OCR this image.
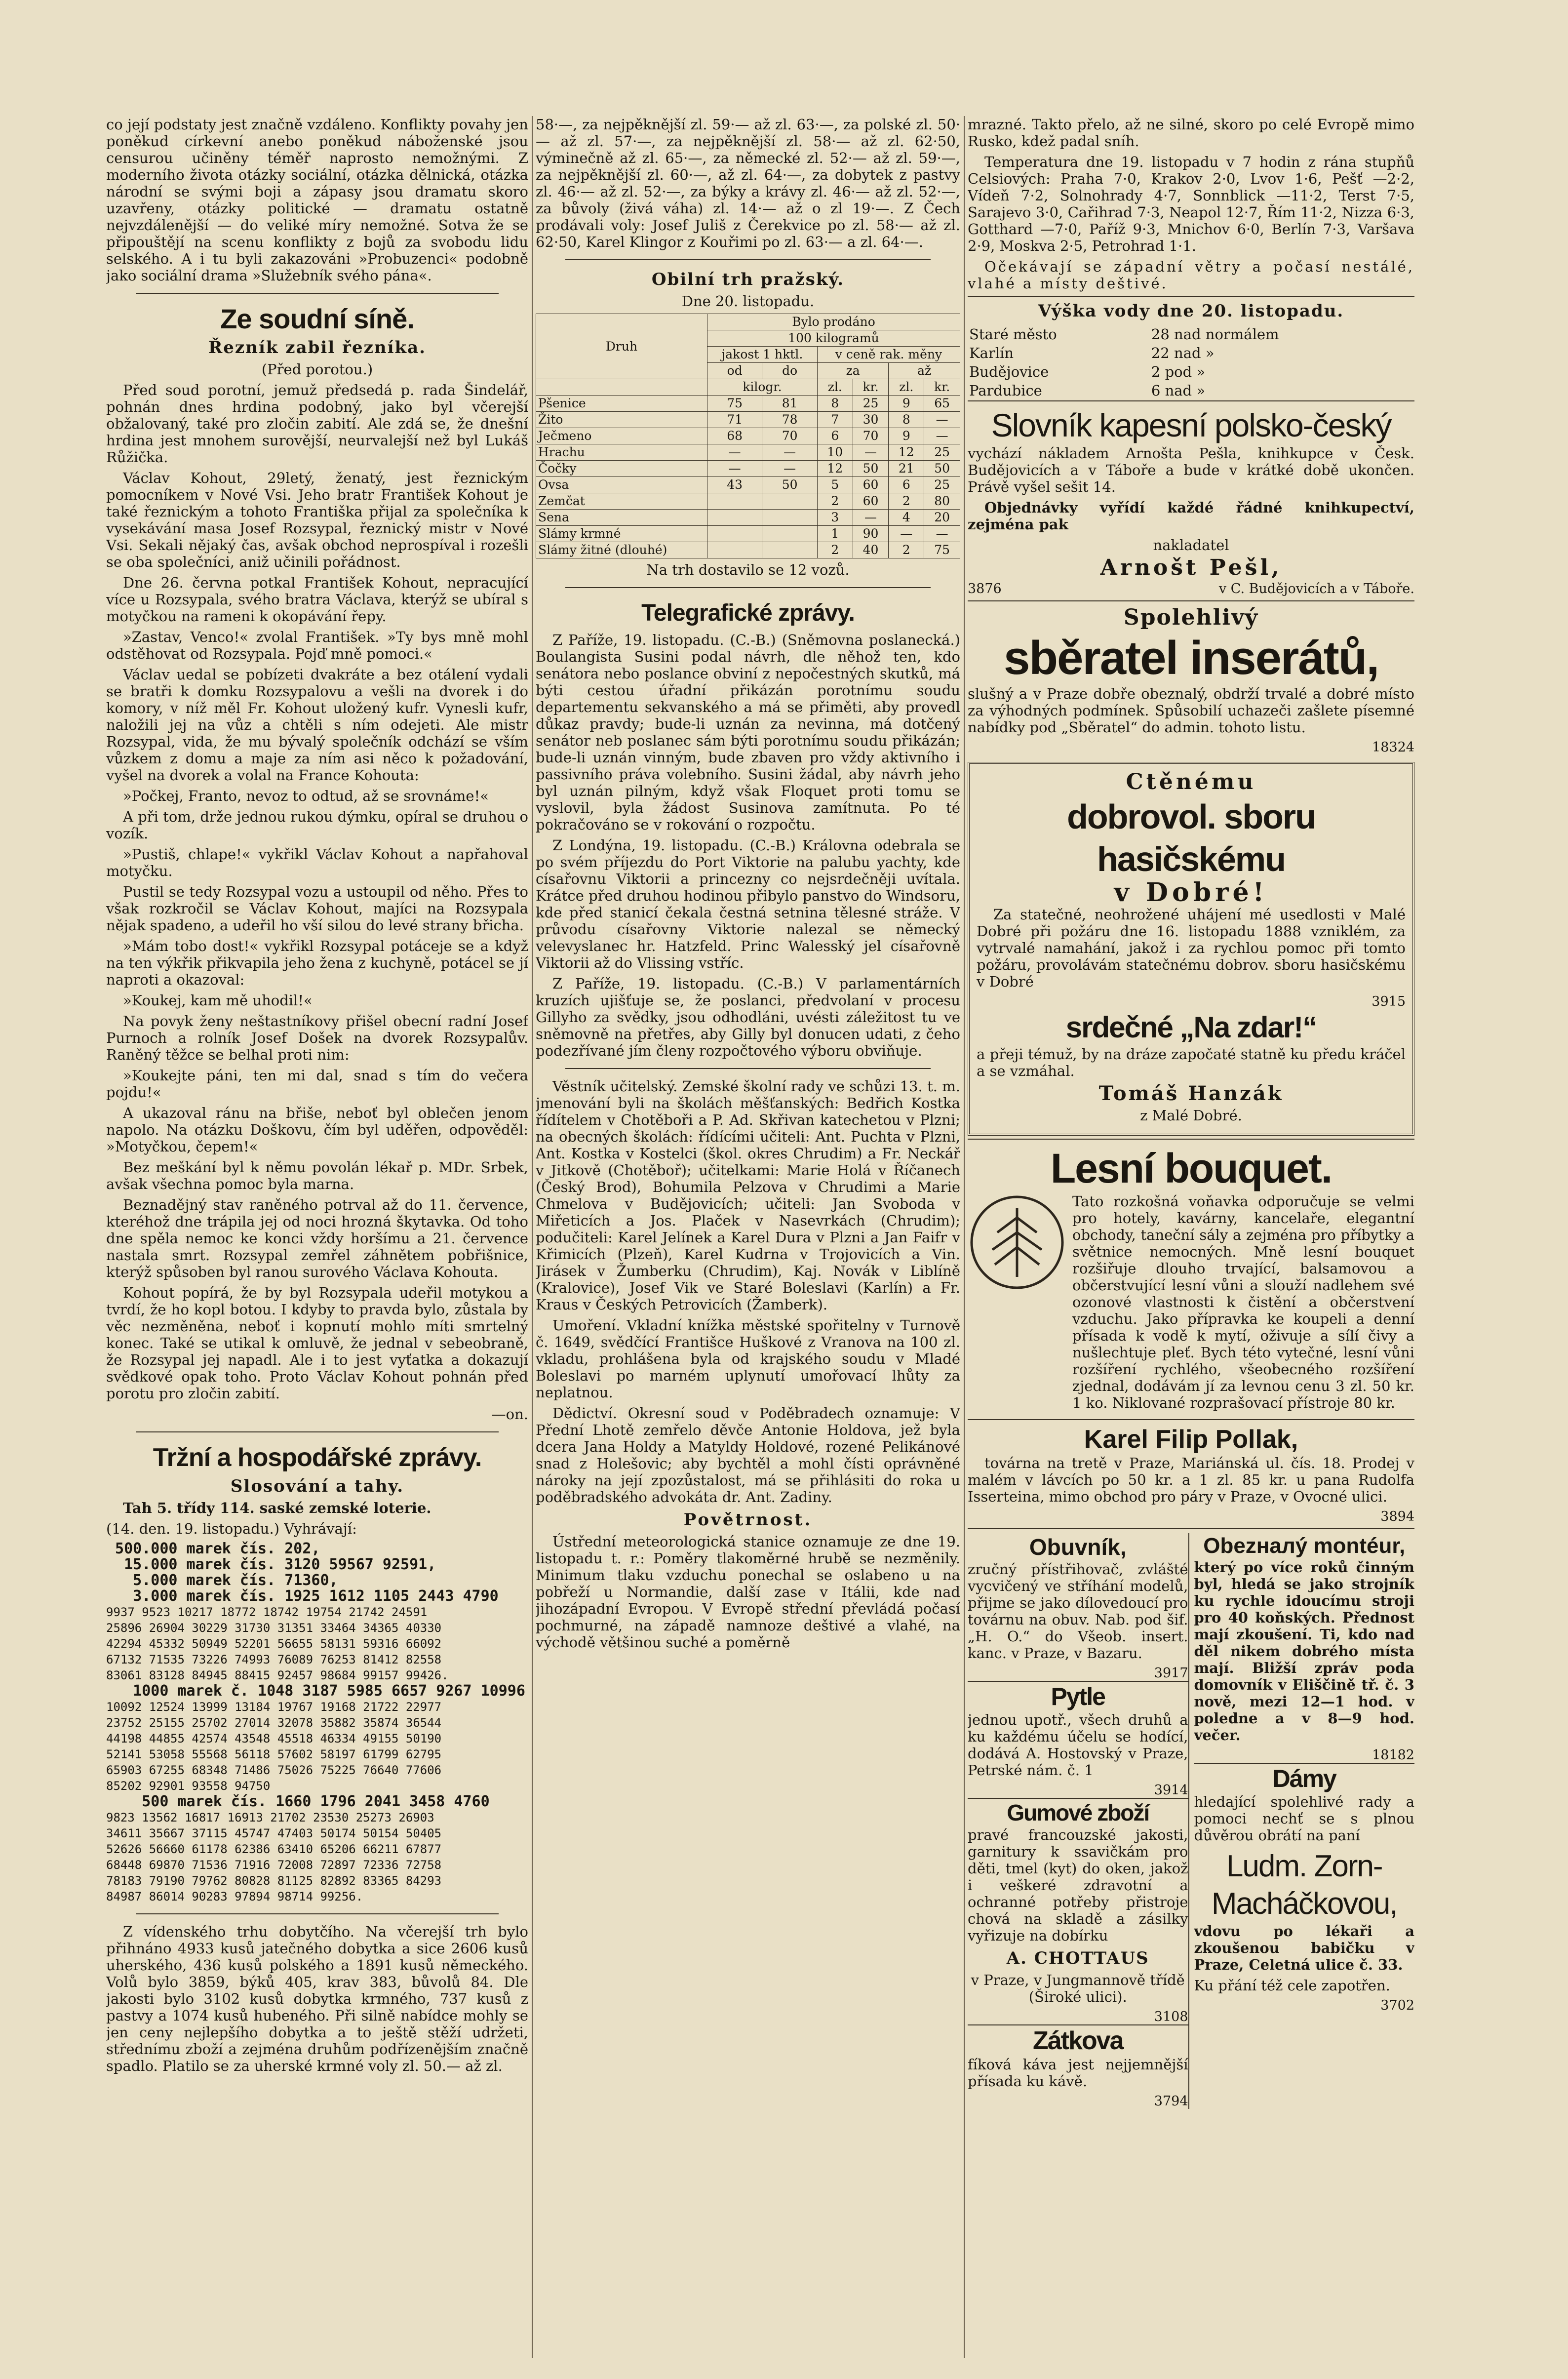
co její podstaty jest značně vzdáleno. Konflikty povahy jen poněkud církevní anebo poněkud náboženské jsou censurou učiněny téměř naprosto nemožnými. Z moderního života otázky sociální, otázka dělnická, otázka národní se svými boji a zápasy jsou dramatu skoro uzavřeny, otázky politické — dramatu ostatně nejvzdálenější — do veliké míry nemožné. Sotva že se připouštějí na scenu konflikty z bojů za svobodu lidu selského. A i tu byli zakazováni »Probuzenci« podobně jako sociální drama »Služebník svého pána«.

Ze soudní síně.
Řezník zabil řezníka.
(Před porotou.)

Před soud porotní, jemuž předsedá p. rada Šindelář, pohnán dnes hrdina podobný, jako byl včerejší obžalovaný, také pro zločin zabití. Ale zdá se, že dnešní hrdina jest mnohem surovější, neurvalejší než byl Lukáš Růžička.

Václav Kohout, 29letý, ženatý, jest řeznickým pomocníkem v Nové Vsi. Jeho bratr František Kohout je také řeznickým a tohoto Františka přijal za společníka k vysekávání masa Josef Rozsypal, řeznický mistr v Nové Vsi. Sekali nějaký čas, avšak obchod neprospíval i rozešli se oba společníci, aniž učinili pořádnost.

Dne 26. června potkal František Kohout, nepracující více u Rozsypala, svého bratra Václava, kterýž se ubíral s motyčkou na rameni k okopávání řepy.

»Zastav, Venco!« zvolal František. »Ty bys mně mohl odstěhovat od Rozsypala. Pojď mně pomoci.«

Václav uedal se pobízeti dvakráte a bez otálení vydali se bratři k domku Rozsypalovu a vešli na dvorek i do komory, v níž měl Fr. Kohout uložený kufr. Vynesli kufr, naložili jej na vůz a chtěli s ním odejeti. Ale mistr Rozsypal, vida, že mu bývalý společník odchází se vším vůzkem z domu a maje za ním asi něco k požadování, vyšel na dvorek a volal na France Kohouta:

»Počkej, Franto, nevoz to odtud, až se srovnáme!«

A při tom, drže jednou rukou dýmku, opíral se druhou o vozík.

»Pustiš, chlape!« vykřikl Václav Kohout a napřahoval motyčku.

Pustil se tedy Rozsypal vozu a ustoupil od něho. Přes to však rozkročil se Václav Kohout, majíci na Rozsypala nějak spadeno, a udeřil ho vší silou do levé strany břicha.

»Mám tobo dost!« vykřikl Rozsypal potáceje se a když na ten výkřik přikvapila jeho žena z kuchyně, potácel se jí naproti a okazoval:

»Koukej, kam mě uhodil!«

Na povyk ženy neštastníkovy přišel obecní radní Josef Purnoch a rolník Josef Došek na dvorek Rozsypalův. Raněný těžce se belhal proti nim:

»Koukejte páni, ten mi dal, snad s tím do večera pojdu!«

A ukazoval ránu na břiše, neboť byl oblečen jenom napolo. Na otázku Doškovu, čím byl uděřen, odpověděl: »Motyčkou, čepem!«

Bez meškání byl k němu povolán lékař p. MDr. Srbek, avšak všechna pomoc byla marna.

Beznadějný stav raněného potrval až do 11. července, kteréhož dne trápila jej od noci hrozná škytavka. Od toho dne spěla nemoc ke konci vždy horšímu a 21. července nastala smrt. Rozsypal zemřel záhnětem pobřišnice, kterýž spůsoben byl ranou surového Václava Kohouta.

Kohout popírá, že by byl Rozsypala udeřil motykou a tvrdí, že ho kopl botou. I kdyby to pravda bylo, zůstala by věc nezměněna, neboť i kopnutí mohlo míti smrtelný konec. Také se utikal k omluvě, že jednal v sebeobraně, že Rozsypal jej napadl. Ale i to jest vyťatka a dokazují svědkové opak toho. Proto Václav Kohout pohnán před porotu pro zločin zabití.

—on.

Tržní a hospodářské zprávy.
Slosování a tahy.

Tah 5. třídy 114. saské zemské loterie.

(14. den. 19. listopadu.) Vyhrávají:

500.000 marek čís. 202,
15.000 marek čís. 3120 59567 92591,
5.000 marek čís. 71360,
3.000 marek čís. 1925 1612 1105 2443 4790
9937 9523 10217 18772 18742 19754 21742 24591
25896 26904 30229 31730 31351 33464 34365 40330
42294 45332 50949 52201 56655 58131 59316 66092
67132 71535 73226 74993 76089 76253 81412 82558
83061 83128 84945 88415 92457 98684 99157 99426.
1000 marek č. 1048 3187 5985 6657 9267 10996
10092 12524 13999 13184 19767 19168 21722 22977
23752 25155 25702 27014 32078 35882 35874 36544
44198 44855 42574 43548 45518 46334 49155 50190
52141 53058 55568 56118 57602 58197 61799 62795
65903 67255 68348 71486 75026 75225 76640 77606
85202 92901 93558 94750
500 marek čís. 1660 1796 2041 3458 4760
9823 13562 16817 16913 21702 23530 25273 26903
34611 35667 37115 45747 47403 50174 50154 50405
52626 56660 61178 62386 63410 65206 66211 67877
68448 69870 71536 71916 72008 72897 72336 72758
78183 79190 79762 80828 81125 82892 83365 84293
84987 86014 90283 97894 98714 99256.

Z vídenského trhu dobytčího. Na včerejší trh bylo přihnáno 4933 kusů jatečného dobytka a sice 2606 kusů uherského, 436 kusů polského a 1891 kusů německého. Volů bylo 3859, býků 405, krav 383, bůvolů 84. Dle jakosti bylo 3102 kusů dobytka krmného, 737 kusů z pastvy a 1074 kusů hubeného. Při silně nabídce mohly se jen ceny nejlepšího dobytka a to ještě stěží udržeti, střednímu zboží a zejména druhům podřízenějším značně spadlo. Platilo se za uherské krmné voly zl. 50.— až zl.

58·—, za nejpěknější zl. 59·— až zl. 63·—, za polské zl. 50·— až zl. 57·—, za nejpěknější zl. 58·— až zl. 62·50, výminečně až zl. 65·—, za německé zl. 52·— až zl. 59·—, za nejpěknější zl. 60·—, až zl. 64·—, za dobytek z pastvy zl. 46·— až zl. 52·—, za býky a krávy zl. 46·— až zl. 52·—, za bůvoly (živá váha) zl. 14·— až o zl 19·—. Z Čech prodávali voly: Josef Juliš z Čerekvice po zl. 58·— až zl. 62·50, Karel Klingor z Kouřimi po zl. 63·— a zl. 64·—.

Obilní trh pražský.
Dne 20. listopadu.
Druh	Bylo prodáno					
	100 kilogramů					
	jakost 1 hktl.		v ceně rak. měny			
	od	do	za		až	
	kilogr.		zl.	kr.	zl.	kr.
Pšenice	75	81	8	25	9	65
Žito	71	78	7	30	8	—
Ječmeno	68	70	6	70	9	—
Hrachu	—	—	10	—	12	25
Čočky	—	—	12	50	21	50
Ovsa	43	50	5	60	6	25
Zemčat			2	60	2	80
Sena			3	—	4	20
Slámy krmné			1	90	—	—
Slámy žitné (dlouhé)			2	40	2	75
Na trh dostavilo se 12 vozů.
Telegrafické zprávy.

Z Paříže, 19. listopadu. (C.-B.) (Sněmovna poslanecká.) Boulangista Susini podal návrh, dle něhož ten, kdo senátora nebo poslance obviní z nepočestných skutků, má býti cestou úřadní přikázán porotnímu soudu departementu sekvanského a má se přiměti, aby provedl důkaz pravdy; bude-li uznán za nevinna, má dotčený senátor neb poslanec sám býti porotnímu soudu přikázán; bude-li uznán vinným, bude zbaven pro vždy aktivního i passivního práva volebního. Susini žádal, aby návrh jeho byl uznán pilným, když však Floquet proti tomu se vyslovil, byla žádost Susinova zamítnuta. Po té pokračováno se v rokování o rozpočtu.

Z Londýna, 19. listopadu. (C.-B.) Královna odebrala se po svém příjezdu do Port Viktorie na palubu yachty, kde císařovnu Viktorii a princezny co nejsrdečněji uvítala. Krátce před druhou hodinou přibylo panstvo do Windsoru, kde před stanicí čekala čestná setnina tělesné stráže. V průvodu císařovny Viktorie nalezal se německý velevyslanec hr. Hatzfeld. Princ Walesský jel císařovně Viktorii až do Vlissing vstříc.

Z Paříže, 19. listopadu. (C.-B.) V parlamentárních kruzích ujišťuje se, že poslanci, předvolaní v procesu Gillyho za svědky, jsou odhodláni, uvésti záležitost tu ve sněmovně na přetřes, aby Gilly byl donucen udati, z čeho podezřívané jím členy rozpočtového výboru obviňuje.

Věstník učitelský. Zemské školní rady ve schůzi 13. t. m. jmenování byli na školách měšťanských: Bedřich Kostka řídítelem v Chotěboři a P. Ad. Skřivan katechetou v Plzni; na obecných školách: řídícími učiteli: Ant. Puchta v Plzni, Ant. Kostka v Kostelci (škol. okres Chrudim) a Fr. Neckář v Jitkově (Chotěboř); učitelkami: Marie Holá v Říčanech (Český Brod), Bohumila Pelzova v Chrudimi a Marie Chmelova v Budějovicích; učiteli: Jan Svoboda v Miřeticích a Jos. Plaček v Nasevrkách (Chrudim); podučiteli: Karel Jelínek a Karel Dura v Plzni a Jan Faifr v Křimicích (Plzeň), Karel Kudrna v Trojovicích a Vin. Jirásek v Žumberku (Chrudim), Kaj. Novák v Liblíně (Kralovice), Josef Vik ve Staré Boleslavi (Karlín) a Fr. Kraus v Českých Petrovicích (Žamberk).

Umoření. Vkladní knížka městské spořitelny v Turnově č. 1649, svědčící Františce Huškové z Vranova na 100 zl. vkladu, prohlášena byla od krajského soudu v Mladé Boleslavi po marném uplynutí umořovací lhůty za neplatnou.

Dědictví. Okresní soud v Poděbradech oznamuje: V Přední Lhotě zemřelo děvče Antonie Holdova, jež byla dcera Jana Holdy a Matyldy Holdové, rozené Pelikánové snad z Holešovic; aby bychtěl a mohl čísti oprávněné nároky na její zpozůstalost, má se přihlásiti do roka u poděbradského advokáta dr. Ant. Zadiny.

Povětrnost.

Ústřední meteorologická stanice oznamuje ze dne 19. listopadu t. r.: Poměry tlakoměrné hrubě se nezměnily. Minimum tlaku vzduchu ponechal se oslabeno u na pobřeží u Normandie, další zase v Itálii, kde nad jihozápadní Evropou. V Evropě střední převládá počasí pochmurné, na západě namnoze deštivé a vlahé, na východě většinou suché a poměrně

mrazné. Takto přelo, až ne silné, skoro po celé Evropě mimo Rusko, kdež padal sníh.

Temperatura dne 19. listopadu v 7 hodin z rána stupňů Celsiových: Praha 7·0, Krakov 2·0, Lvov 1·6, Pešť —2·2, Vídeň 7·2, Solnohrady 4·7, Sonnblick —11·2, Terst 7·5, Sarajevo 3·0, Cařihrad 7·3, Neapol 12·7, Řím 11·2, Nizza 6·3, Gotthard —7·0, Paříž 9·3, Mnichov 6·0, Berlín 7·3, Varšava 2·9, Moskva 2·5, Petrohrad 1·1.

Očekávají se západní větry a počasí nestálé, vlahé a místy deštivé.

Výška vody dne 20. listopadu.
Staré město	28 nad normálem
Karlín	22 nad »
Budějovice	2 pod »
Pardubice	6 nad »
Slovník kapesní polsko-český

vychází nákladem Arnošta Pešla, knihkupce v Česk. Budějovicích a v Táboře a bude v krátké době ukončen. Právě vyšel sešit 14.

Objednávky vyřídí každé řádné knihkupectví, zejména pak

nakladatel
Arnošt Pešl,
3876	v C. Budějovicích a v Táboře.
Spolehlivý
sběratel inserátů,

slušný a v Praze dobře obeznalý, obdrží trvalé a dobré místo za výhodných podmínek. Spůsobilí uchazeči zašlete písemné nabídky pod „Sběratel“ do admin. tohoto listu.

18324
Ctěnému
dobrovol. sboru hasičskému
v Dobré!

Za statečné, neohrožené uhájení mé usedlosti v Malé Dobré při požáru dne 16. listopadu 1888 vzniklém, za vytrvalé namahání, jakož i za rychlou pomoc při tomto požáru, provolávám statečnému dobrov. sboru hasičskému v Dobré

3915
srdečné „Na zdar!“

a přeji témuž, by na dráze započaté statně ku předu kráčel a se vzmáhal.

Tomáš Hanzák
z Malé Dobré.
Lesní bouquet.

Tato rozkošná voňavka odporučuje se velmi pro hotely, kavárny, kancelaře, elegantní obchody, taneční sály a zejména pro příbytky a světnice nemocných. Mně lesní bouquet rozšiřuje dlouho trvající, balsamovou a občerstvující lesní vůni a slouží nadlehem své ozonové vlastnosti k čistění a občerstvení vzduchu. Jako přípravka ke koupeli a denní přísada k vodě k mytí, oživuje a sílí čivy a nušlechtuje pleť. Bych této vytečné, lesní vůni rozšíření rychlého, všeobecného rozšíření zjednal, dodávám jí za levnou cenu 3 zl. 50 kr. 1 ko. Niklované rozprašovací přístroje 80 kr.

Karel Filip Pollak,

továrna na tretě v Praze, Mariánská ul. čís. 18. Prodej v malém v lávcích po 50 kr. a 1 zl. 85 kr. u pana Rudolfa Isserteina, mimo obchod pro páry v Praze, v Ovocné ulici.

3894
Obuvník,

zručný přístřihovač, zvlášté vycvičený ve stříhání modelů, přijme se jako dílovedoucí pro továrnu na obuv. Nab. pod šif. „H. O.“ do Všeob. insert. kanc. v Praze, v Bazaru.

3917
Pytle

jednou upotř., všech druhů a ku každému účelu se hodící, dodává A. Hostovský v Praze, Petrské nám. č. 1

3914
Gumové zboží

pravé francouzské jakosti, garnitury k ssavičkám pro děti, tmel (kyt) do oken, jakož i veškeré zdravotní a ochranné potřeby přistroje chová na skladě a zásilky vyřizuje na dobírku

A. CHOTTAUS

v Praze, v Jungmannově třídě (Široké ulici).

3108
Zátkova

fíková káva jest nejjemnější přísada ku kávě.

3794
Obezналý montéur,

který po více roků činným byl, hledá se jako strojník ku rychle idoucímu stroji pro 40 koňských. Přednost mají zkoušení. Ti, kdo nad děl nikem dobrého místa mají. Bližší zpráv poda domovník v Eliščině tř. č. 3 nově, mezi 12—1 hod. v poledne a v 8—9 hod. večer.

18182
Dámy

hledající spolehlivé rady a pomoci nechť se s plnou důvěrou obrátí na paní

Ludm. Zorn-Macháčkovou,

vdovu po lékaři a zkoušenou babičku v Praze, Celetná ulice č. 33.

Ku přání též cele zapotřen.

3702
